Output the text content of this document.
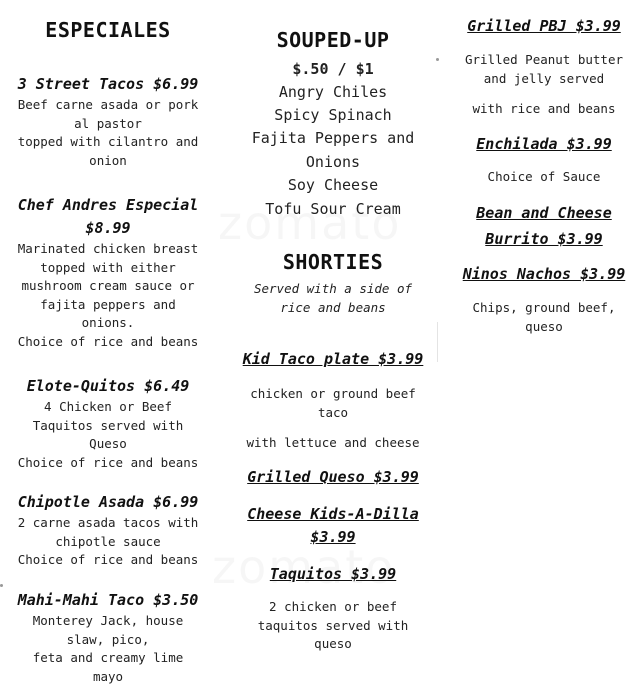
ESPECIALES
3 Street Tacos $6.99
Beef carne asada or pork
al pastor
topped with cilantro and
onion
Chef Andres Especial
$8.99
Marinated chicken breast
topped with either
mushroom cream sauce or
fajita peppers and
onions.
Choice of rice and beans
Elote-Quitos $6.49
4 Chicken or Beef
Taquitos served with
Queso
Choice of rice and beans
Chipotle Asada $6.99
2 carne asada tacos with
chipotle sauce
Choice of rice and beans
Mahi-Mahi Taco $3.50
Monterey Jack, house
slaw, pico,
feta and creamy lime
mayo
SOUPED-UP
$.50 / $1
Angry Chiles
Spicy Spinach
Fajita Peppers and
Onions
Soy Cheese
Tofu Sour Cream
SHORTIES
Served with a side of
rice and beans
Kid Taco plate $3.99
chicken or ground beef
taco
with lettuce and cheese
Grilled Queso $3.99
Cheese Kids-A-Dilla
$3.99
Taquitos $3.99
2 chicken or beef
taquitos served with
queso
Grilled PBJ $3.99
Grilled Peanut butter
and jelly served
with rice and beans
Enchilada $3.99
Choice of Sauce
Bean and Cheese
Burrito $3.99
Ninos Nachos $3.99
Chips, ground beef,
queso
